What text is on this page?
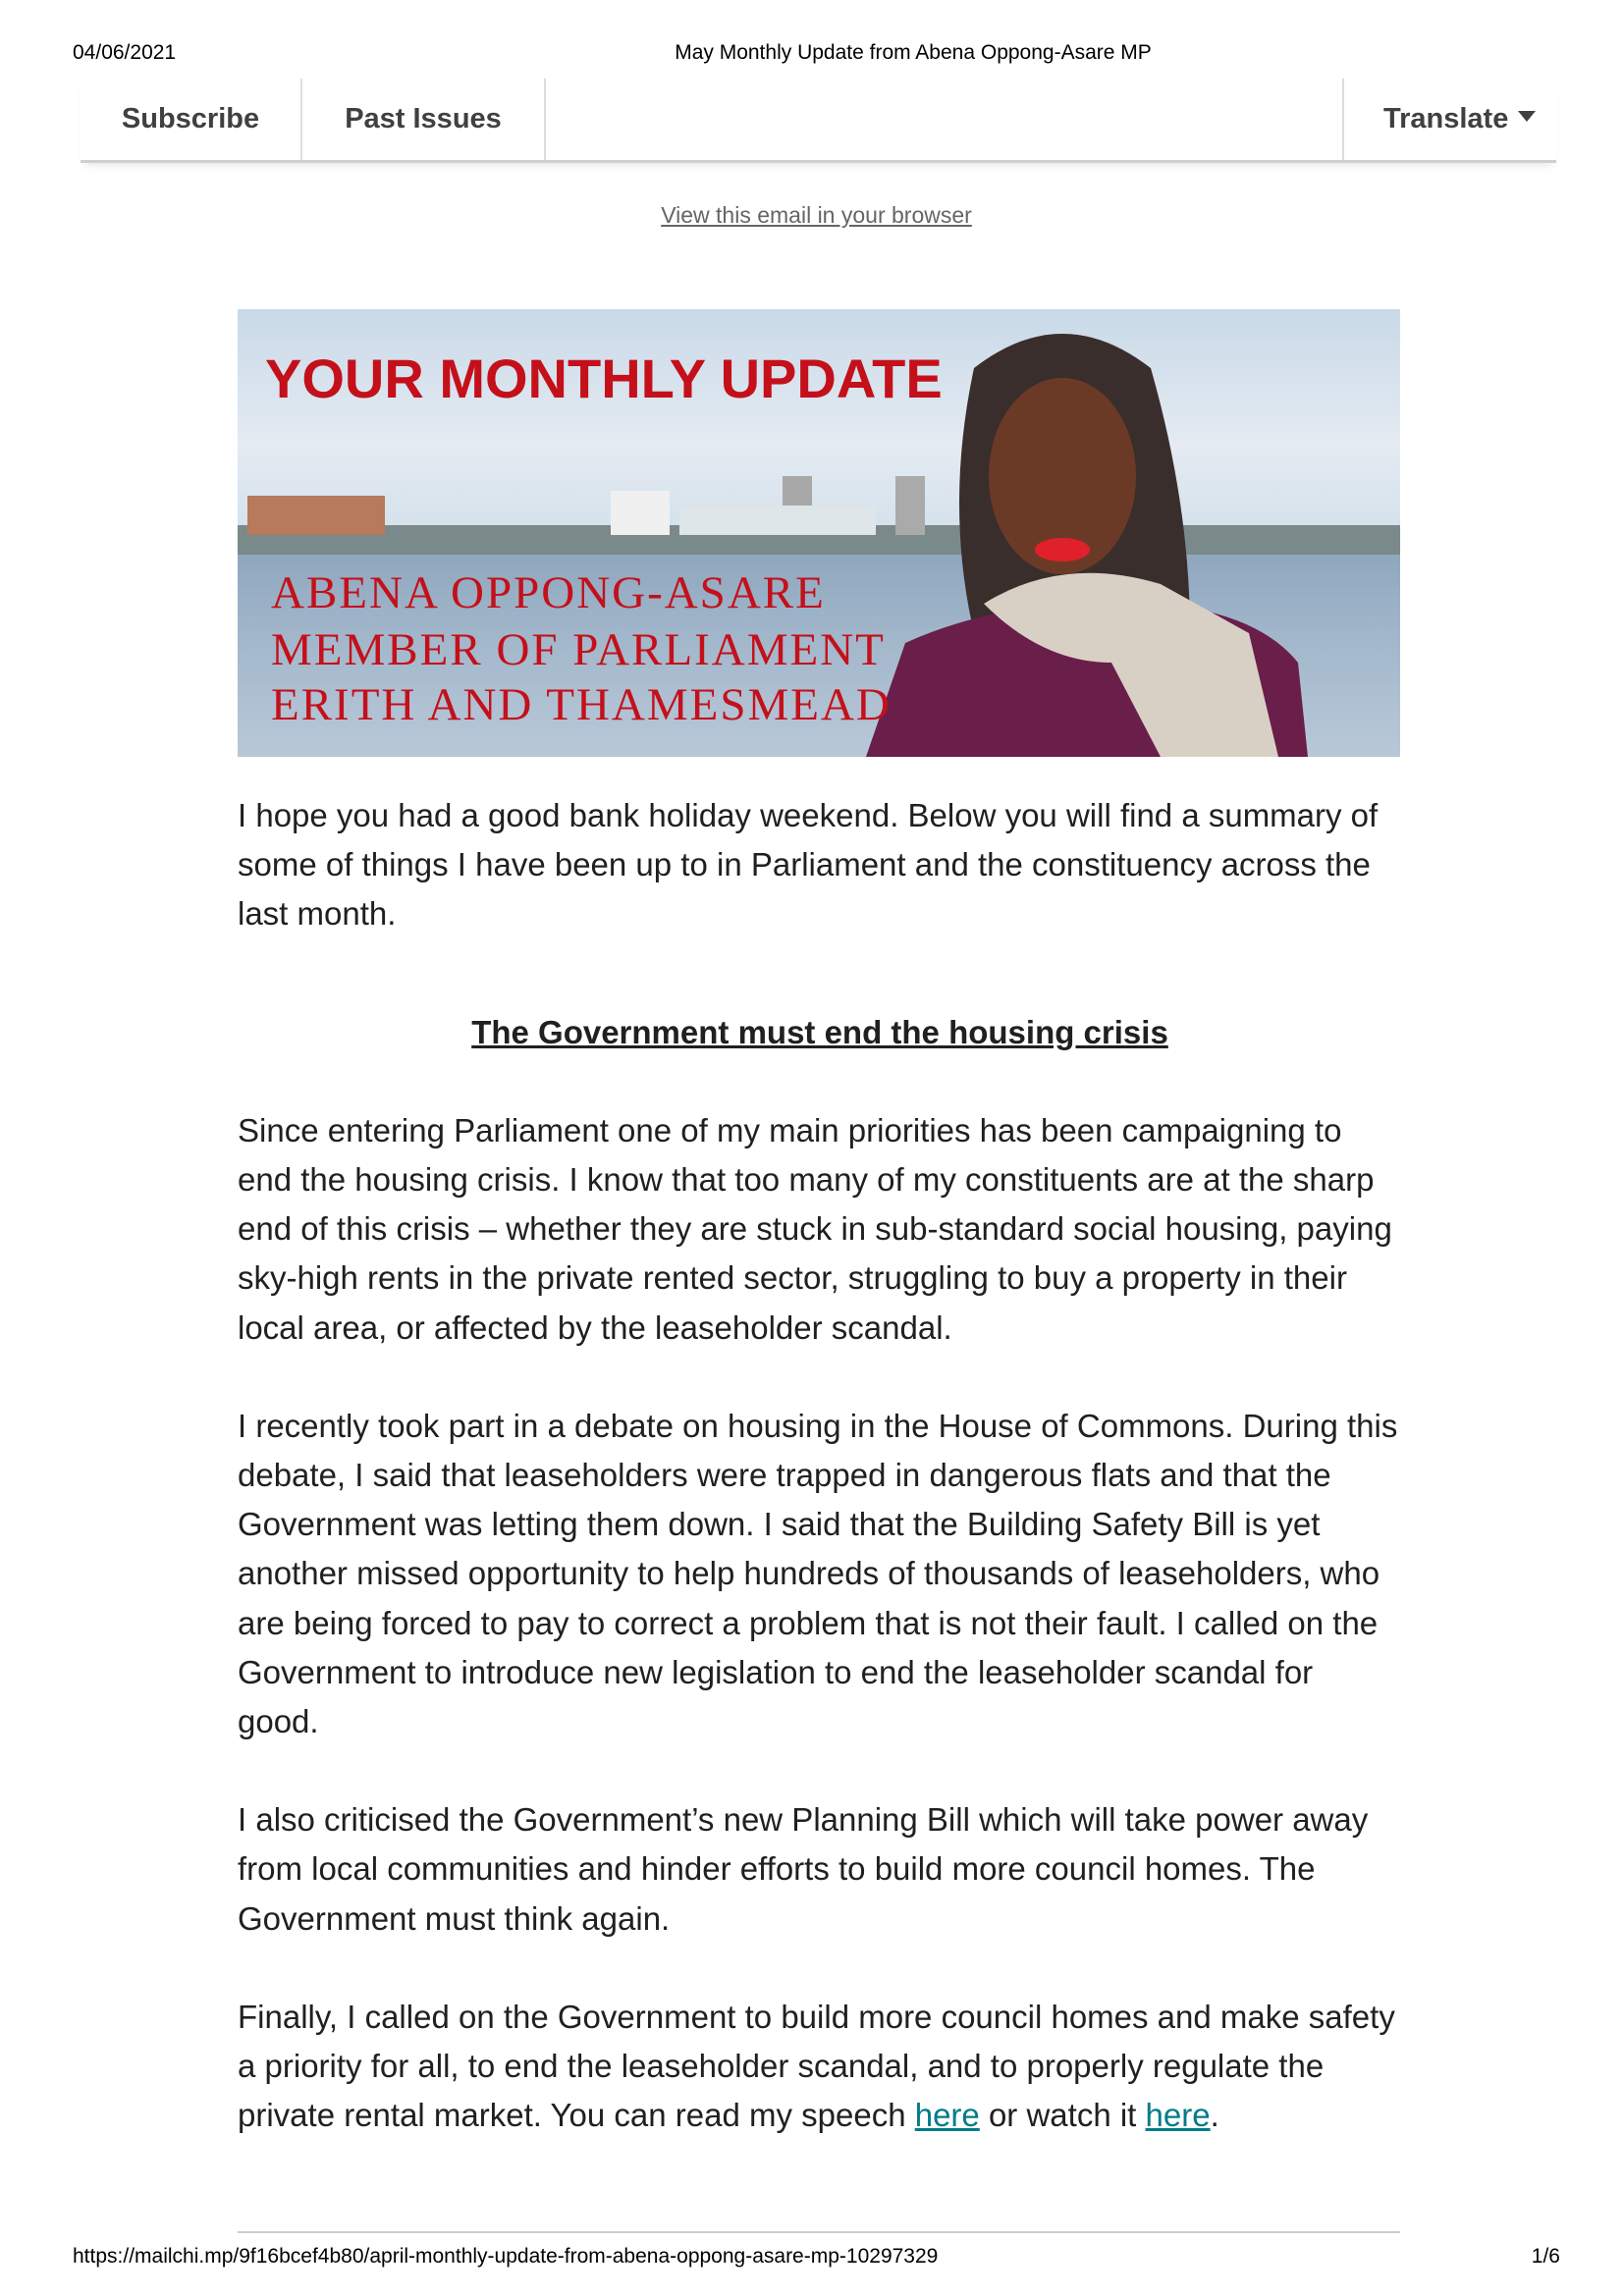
04/06/2021	May Monthly Update from Abena Oppong-Asare MP
Subscribe	Past Issues	Translate
View this email in your browser
YOUR MONTHLY UPDATE
ABENA OPPONG-ASARE
MEMBER OF PARLIAMENT
ERITH AND THAMESMEAD

I hope you had a good bank holiday weekend. Below you will find a summary of some of things I have been up to in Parliament and the constituency across the last month.

The Government must end the housing crisis

Since entering Parliament one of my main priorities has been campaigning to end the housing crisis. I know that too many of my constituents are at the sharp end of this crisis – whether they are stuck in sub-standard social housing, paying sky-high rents in the private rented sector, struggling to buy a property in their local area, or affected by the leaseholder scandal.

I recently took part in a debate on housing in the House of Commons. During this debate, I said that leaseholders were trapped in dangerous flats and that the Government was letting them down. I said that the Building Safety Bill is yet another missed opportunity to help hundreds of thousands of leaseholders, who are being forced to pay to correct a problem that is not their fault. I called on the Government to introduce new legislation to end the leaseholder scandal for good.

I also criticised the Government’s new Planning Bill which will take power away from local communities and hinder efforts to build more council homes. The Government must think again.

Finally, I called on the Government to build more council homes and make safety a priority for all, to end the leaseholder scandal, and to properly regulate the private rental market. You can read my speech here or watch it here.

https://mailchi.mp/9f16bcef4b80/april-monthly-update-from-abena-oppong-asare-mp-10297329	1/6
